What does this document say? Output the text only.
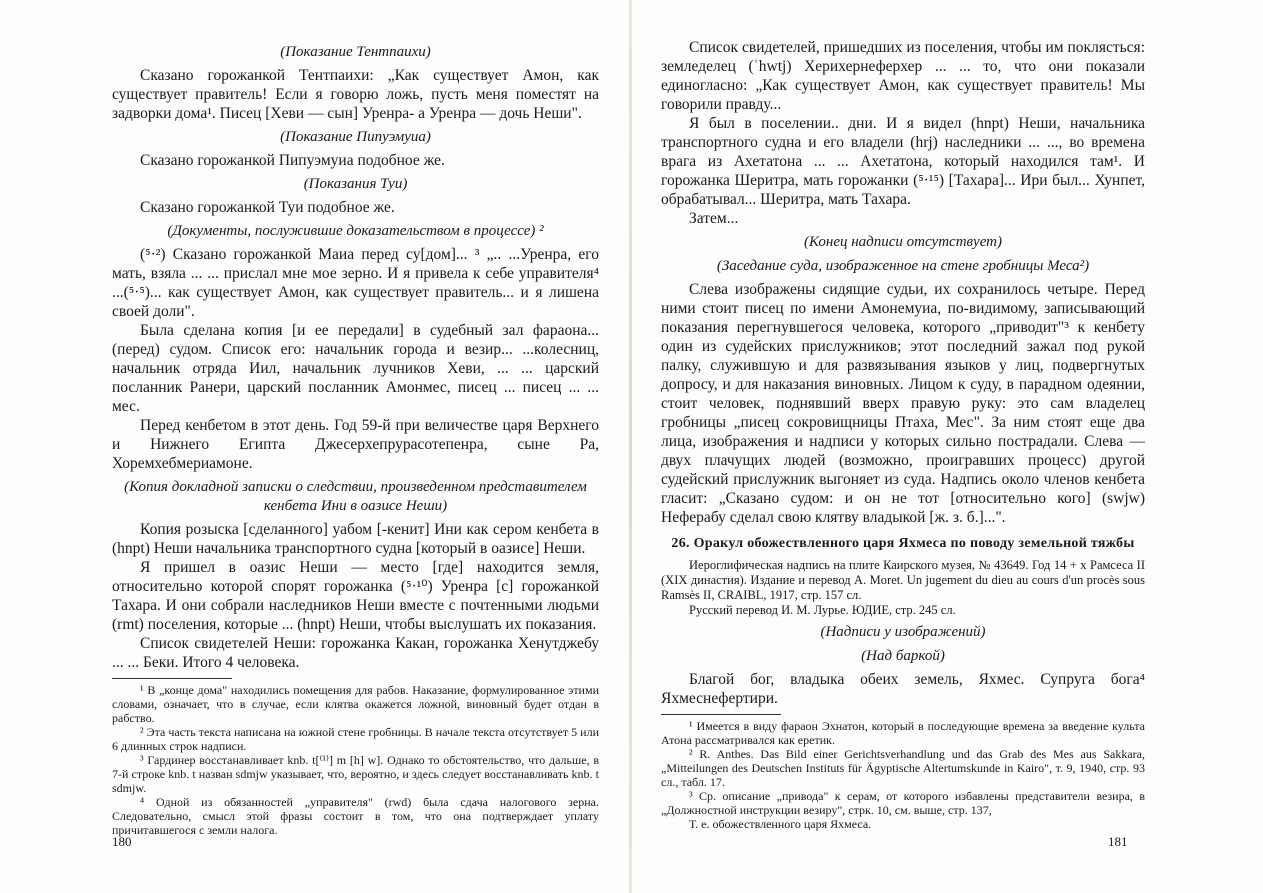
(Показание Тентпаихи)

Сказано горожанкой Тентпаихи: „Как существует Амон, как существует правитель! Если я говорю ложь, пусть меня поместят на задворки дома¹. Писец [Хеви — сын] Уренра- а Уренра — дочь Неши".

(Показание Пипуэмуиа)

Сказано горожанкой Пипуэмуиа подобное же.

(Показания Туи)

Сказано горожанкой Туи подобное же.

(Документы, послужившие доказательством в процессе) ²

(⁵·²) Сказано горожанкой Маиа перед су[дом]... ³ „.. ...Уренра, его мать, взяла ... ... прислал мне мое зерно. И я привела к себе управителя⁴ ...(⁵·⁵)... как существует Амон, как существует правитель... и я лишена своей доли".

Была сделана копия [и ее передали] в судебный зал фараона... (перед) судом. Список его: начальник города и везир... ...колесниц, начальник отряда Иил, начальник лучников Хеви, ... ... царский посланник Ранери, царский посланник Амонмес, писец ... писец ... ... мес.

Перед кенбетом в этот день. Год 59-й при величестве царя Верхнего и Нижнего Египта Джесерхепрурасотепенра, сыне Ра, Хоремхебмериамоне.

(Копия докладной записки о следствии, произведенном представителем кенбета Ини в оазисе Неши)

Копия розыска [сделанного] уабом [-кенит] Ини как сером кенбета в (hnpt) Неши начальника транспортного судна [который в оазисе] Неши.

Я пришел в оазис Неши — место [где] находится земля, относительно которой спорят горожанка (⁵·¹⁰) Уренра [с] горожанкой Тахара. И они собрали наследников Неши вместе с почтенными людьми (rmt) поселения, которые ... (hnpt) Неши, чтобы выслушать их показания.

Список свидетелей Неши: горожанка Какан, горожанка Хенутджебу ... ... Беки. Итого 4 человека.

¹ В „конце дома" находились помещения для рабов. Наказание, формулированное этими словами, означает, что в случае, если клятва окажется ложной, виновный будет отдан в рабство.

² Эта часть текста написана на южной стене гробницы. В начале текста отсутствует 5 или 6 длинных строк надписи.

³ Гардинер восстанавливает knb. t[⁽¹⁾] m [h] w]. Однако то обстоятельство, что дальше, в 7-й строке knb. t назван sdmjw указывает, что, вероятно, и здесь следует восстанавливать knb. t sdmjw.

⁴ Одной из обязанностей „управителя" (rwd) была сдача налогового зерна. Следовательно, смысл этой фразы состоит в том, что она подтверждает уплату причитавшегося с земли налога.

180

Список свидетелей, пришедших из поселения, чтобы им поклясться: земледелец (ʿhwtj) Херихернеферхер ... ... то, что они показали единогласно: „Как существует Амон, как существует правитель! Мы говорили правду...

Я был в поселении.. дни. И я видел (hnpt) Неши, начальника транспортного судна и его владели (hrj) наследники ... ..., во времена врага из Ахетатона ... ... Ахетатона, который находился там¹. И горожанка Шеритра, мать горожанки (⁵·¹⁵) [Тахара]... Ири был... Хунпет, обрабатывал... Шеритра, мать Тахара.

Затем...

(Конец надписи отсутствует)

(Заседание суда, изображенное на стене гробницы Меса²)

Слева изображены сидящие судьи, их сохранилось четыре. Перед ними стоит писец по имени Амонемуиа, по-видимому, записывающий показания перегнувшегося человека, которого „приводит"³ к кенбету один из судейских прислужников; этот последний зажал под рукой палку, служившую и для развязывания языков у лиц, подвергнутых допросу, и для наказания виновных. Лицом к суду, в парадном одеянии, стоит человек, поднявший вверх правую руку: это сам владелец гробницы „писец сокровищницы Птаха, Мес". За ним стоят еще два лица, изображения и надписи у которых сильно пострадали. Слева — двух плачущих людей (возможно, проигравших процесс) другой судейский прислужник выгоняет из суда. Надпись около членов кенбета гласит: „Сказано судом: и он не тот [относительно кого] (swjw) Неферабу сделал свою клятву владыкой [ж. з. б.]...".

26. Оракул обожествленного царя Яхмеса по поводу земельной тяжбы

Иероглифическая надпись на плите Каирского музея, № 43649. Год 14 + x Рамсеса II (XIX династия). Издание и перевод A. Moret. Un jugement du dieu au cours d'un procès sous Ramsès II, CRAIBL, 1917, стр. 157 сл.

Русский перевод И. М. Лурье. ЮДИЕ, стр. 245 сл.

(Надписи у изображений)

(Над баркой)

Благой бог, владыка обеих земель, Яхмес. Супруга бога⁴ Яхмеснефертири.

¹ Имеется в виду фараон Эхнатон, который в последующие времена за введение культа Атона рассматривался как еретик.

² R. Anthes. Das Bild einer Gerichtsverhandlung und das Grab des Mes aus Sakkara, „Mitteilungen des Deutschen Instituts für Ägyptische Altertumskunde in Kairo", т. 9, 1940, стр. 93 сл., табл. 17.

³ Ср. описание „привода" к серам, от которого избавлены представители везира, в „Должностной инструкции везиру", стрк. 10, см. выше, стр. 137,

Т. е. обожествленного царя Яхмеса.

181
